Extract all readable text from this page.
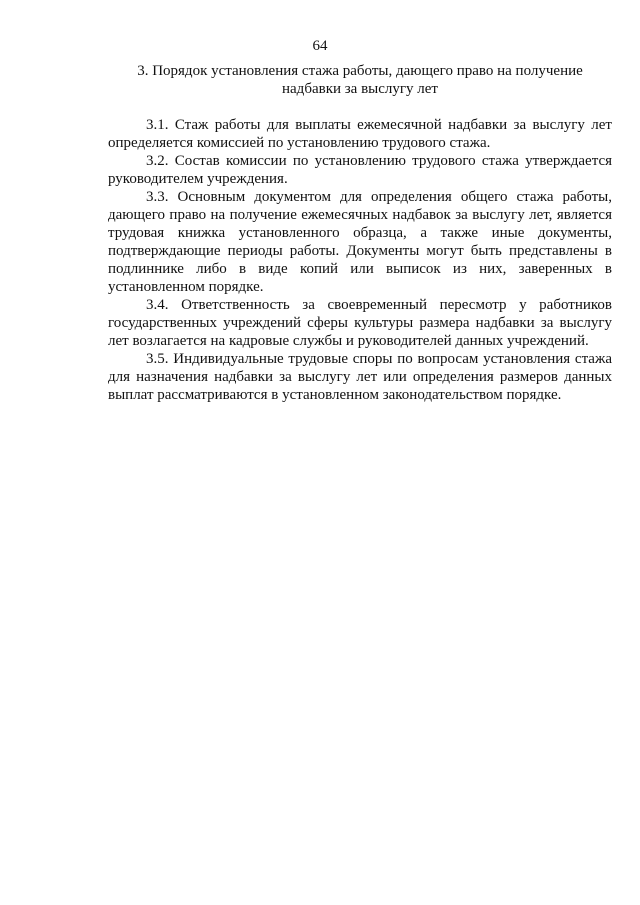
64
3. Порядок установления стажа работы, дающего право на получение надбавки за выслугу лет

3.1. Стаж работы для выплаты ежемесячной надбавки за выслугу лет определяется комиссией по установлению трудового стажа.

3.2. Состав комиссии по установлению трудового стажа утверждается руководителем учреждения.

3.3. Основным документом для определения общего стажа работы, дающего право на получение ежемесячных надбавок за выслугу лет, является трудовая книжка установленного образца, а также иные документы, подтверждающие периоды работы. Документы могут быть представлены в подлиннике либо в виде копий или выписок из них, заверенных в установленном порядке.

3.4. Ответственность за своевременный пересмотр у работников государственных учреждений сферы культуры размера надбавки за выслугу лет возлагается на кадровые службы и руководителей данных учреждений.

3.5. Индивидуальные трудовые споры по вопросам установления стажа для назначения надбавки за выслугу лет или определения размеров данных выплат рассматриваются в установленном законодательством порядке.
